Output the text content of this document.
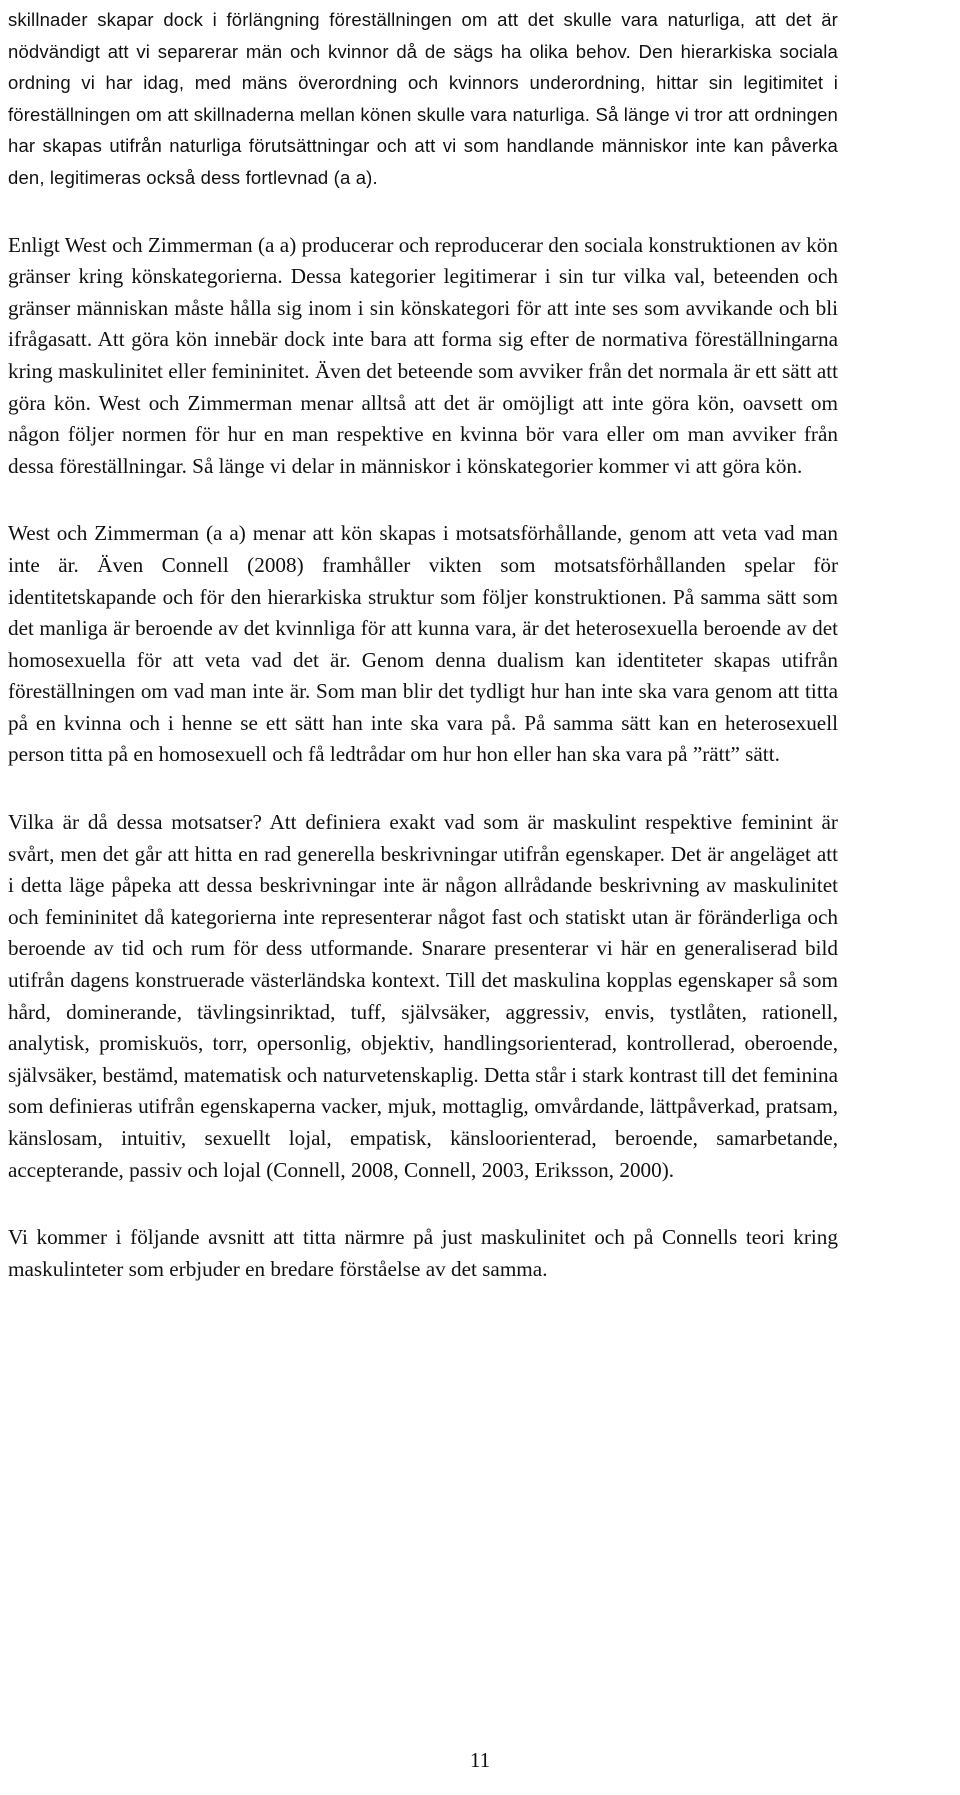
skillnader skapar dock i förlängning föreställningen om att det skulle vara naturliga, att det är nödvändigt att vi separerar män och kvinnor då de sägs ha olika behov. Den hierarkiska sociala ordning vi har idag, med mäns överordning och kvinnors underordning, hittar sin legitimitet i föreställningen om att skillnaderna mellan könen skulle vara naturliga. Så länge vi tror att ordningen har skapas utifrån naturliga förutsättningar och att vi som handlande människor inte kan påverka den, legitimeras också dess fortlevnad (a a).

Enligt West och Zimmerman (a a) producerar och reproducerar den sociala konstruktionen av kön gränser kring könskategorierna. Dessa kategorier legitimerar i sin tur vilka val, beteenden och gränser människan måste hålla sig inom i sin könskategori för att inte ses som avvikande och bli ifrågasatt. Att göra kön innebär dock inte bara att forma sig efter de normativa föreställningarna kring maskulinitet eller femininitet. Även det beteende som avviker från det normala är ett sätt att göra kön. West och Zimmerman menar alltså att det är omöjligt att inte göra kön, oavsett om någon följer normen för hur en man respektive en kvinna bör vara eller om man avviker från dessa föreställningar. Så länge vi delar in människor i könskategorier kommer vi att göra kön.

West och Zimmerman (a a) menar att kön skapas i motsatsförhållande, genom att veta vad man inte är. Även Connell (2008) framhåller vikten som motsatsförhållanden spelar för identitetskapande och för den hierarkiska struktur som följer konstruktionen. På samma sätt som det manliga är beroende av det kvinnliga för att kunna vara, är det heterosexuella beroende av det homosexuella för att veta vad det är. Genom denna dualism kan identiteter skapas utifrån föreställningen om vad man inte är. Som man blir det tydligt hur han inte ska vara genom att titta på en kvinna och i henne se ett sätt han inte ska vara på. På samma sätt kan en heterosexuell person titta på en homosexuell och få ledtrådar om hur hon eller han ska vara på ”rätt” sätt.

Vilka är då dessa motsatser? Att definiera exakt vad som är maskulint respektive feminint är svårt, men det går att hitta en rad generella beskrivningar utifrån egenskaper. Det är angeläget att i detta läge påpeka att dessa beskrivningar inte är någon allrådande beskrivning av maskulinitet och femininitet då kategorierna inte representerar något fast och statiskt utan är föränderliga och beroende av tid och rum för dess utformande. Snarare presenterar vi här en generaliserad bild utifrån dagens konstruerade västerländska kontext. Till det maskulina kopplas egenskaper så som hård, dominerande, tävlingsinriktad, tuff, självsäker, aggressiv, envis, tystlåten, rationell, analytisk, promiskuös, torr, opersonlig, objektiv, handlingsorienterad, kontrollerad, oberoende, självsäker, bestämd, matematisk och naturvetenskaplig. Detta står i stark kontrast till det feminina som definieras utifrån egenskaperna vacker, mjuk, mottaglig, omvårdande, lättpåverkad, pratsam, känslosam, intuitiv, sexuellt lojal, empatisk, känsloorienterad, beroende, samarbetande, accepterande, passiv och lojal (Connell, 2008, Connell, 2003, Eriksson, 2000).

Vi kommer i följande avsnitt att titta närmre på just maskulinitet och på Connells teori kring maskulinteter som erbjuder en bredare förståelse av det samma.

11
